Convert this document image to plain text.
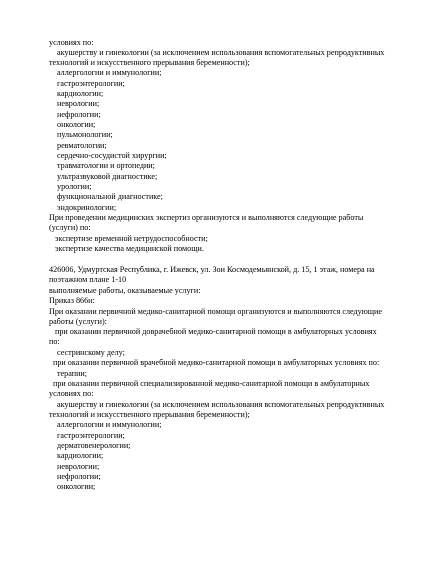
условиях по:
акушерству и гинекологии (за исключением использования вспомогательных репродуктивных
технологий и искусственного прерывания беременности);
аллергологии и иммунологии;
гастроэнтерологии;
кардиологии;
неврологии;
нефрологии;
онкологии;
пульмонологии;
ревматологии;
сердечно-сосудистой хирургии;
травматологии и ортопедии;
ультразвуковой диагностике;
урологии;
функциональной диагностике;
эндокринологии;
При проведении медицинских экспертиз организуются и выполняются следующие работы
(услуги) по:
экспертизе временной нетрудоспособности;
экспертизе качества медицинской помощи.
426006, Удмуртская Республика, г. Ижевск, ул. Зои Космодемьянской, д. 15, 1 этаж, номера на
поэтажном плане 1-10
выполняемые работы, оказываемые услуги:
Приказ 866н:
При оказании первичной медико-санитарной помощи организуются и выполняются следующие
работы (услуги):
при оказании первичной доврачебной медико-санитарной помощи в амбулаторных условиях
по:
сестринскому делу;
при оказании первичной врачебной медико-санитарной помощи в амбулаторных условиях по:
терапии;
при оказании первичной специализированной медико-санитарной помощи в амбулаторных
условиях по:
акушерству и гинекологии (за исключением использования вспомогательных репродуктивных
технологий и искусственного прерывания беременности);
аллергологии и иммунологии;
гастроэнтерологии;
дерматовенерологии;
кардиологии;
неврологии;
нефрологии;
онкологии;
